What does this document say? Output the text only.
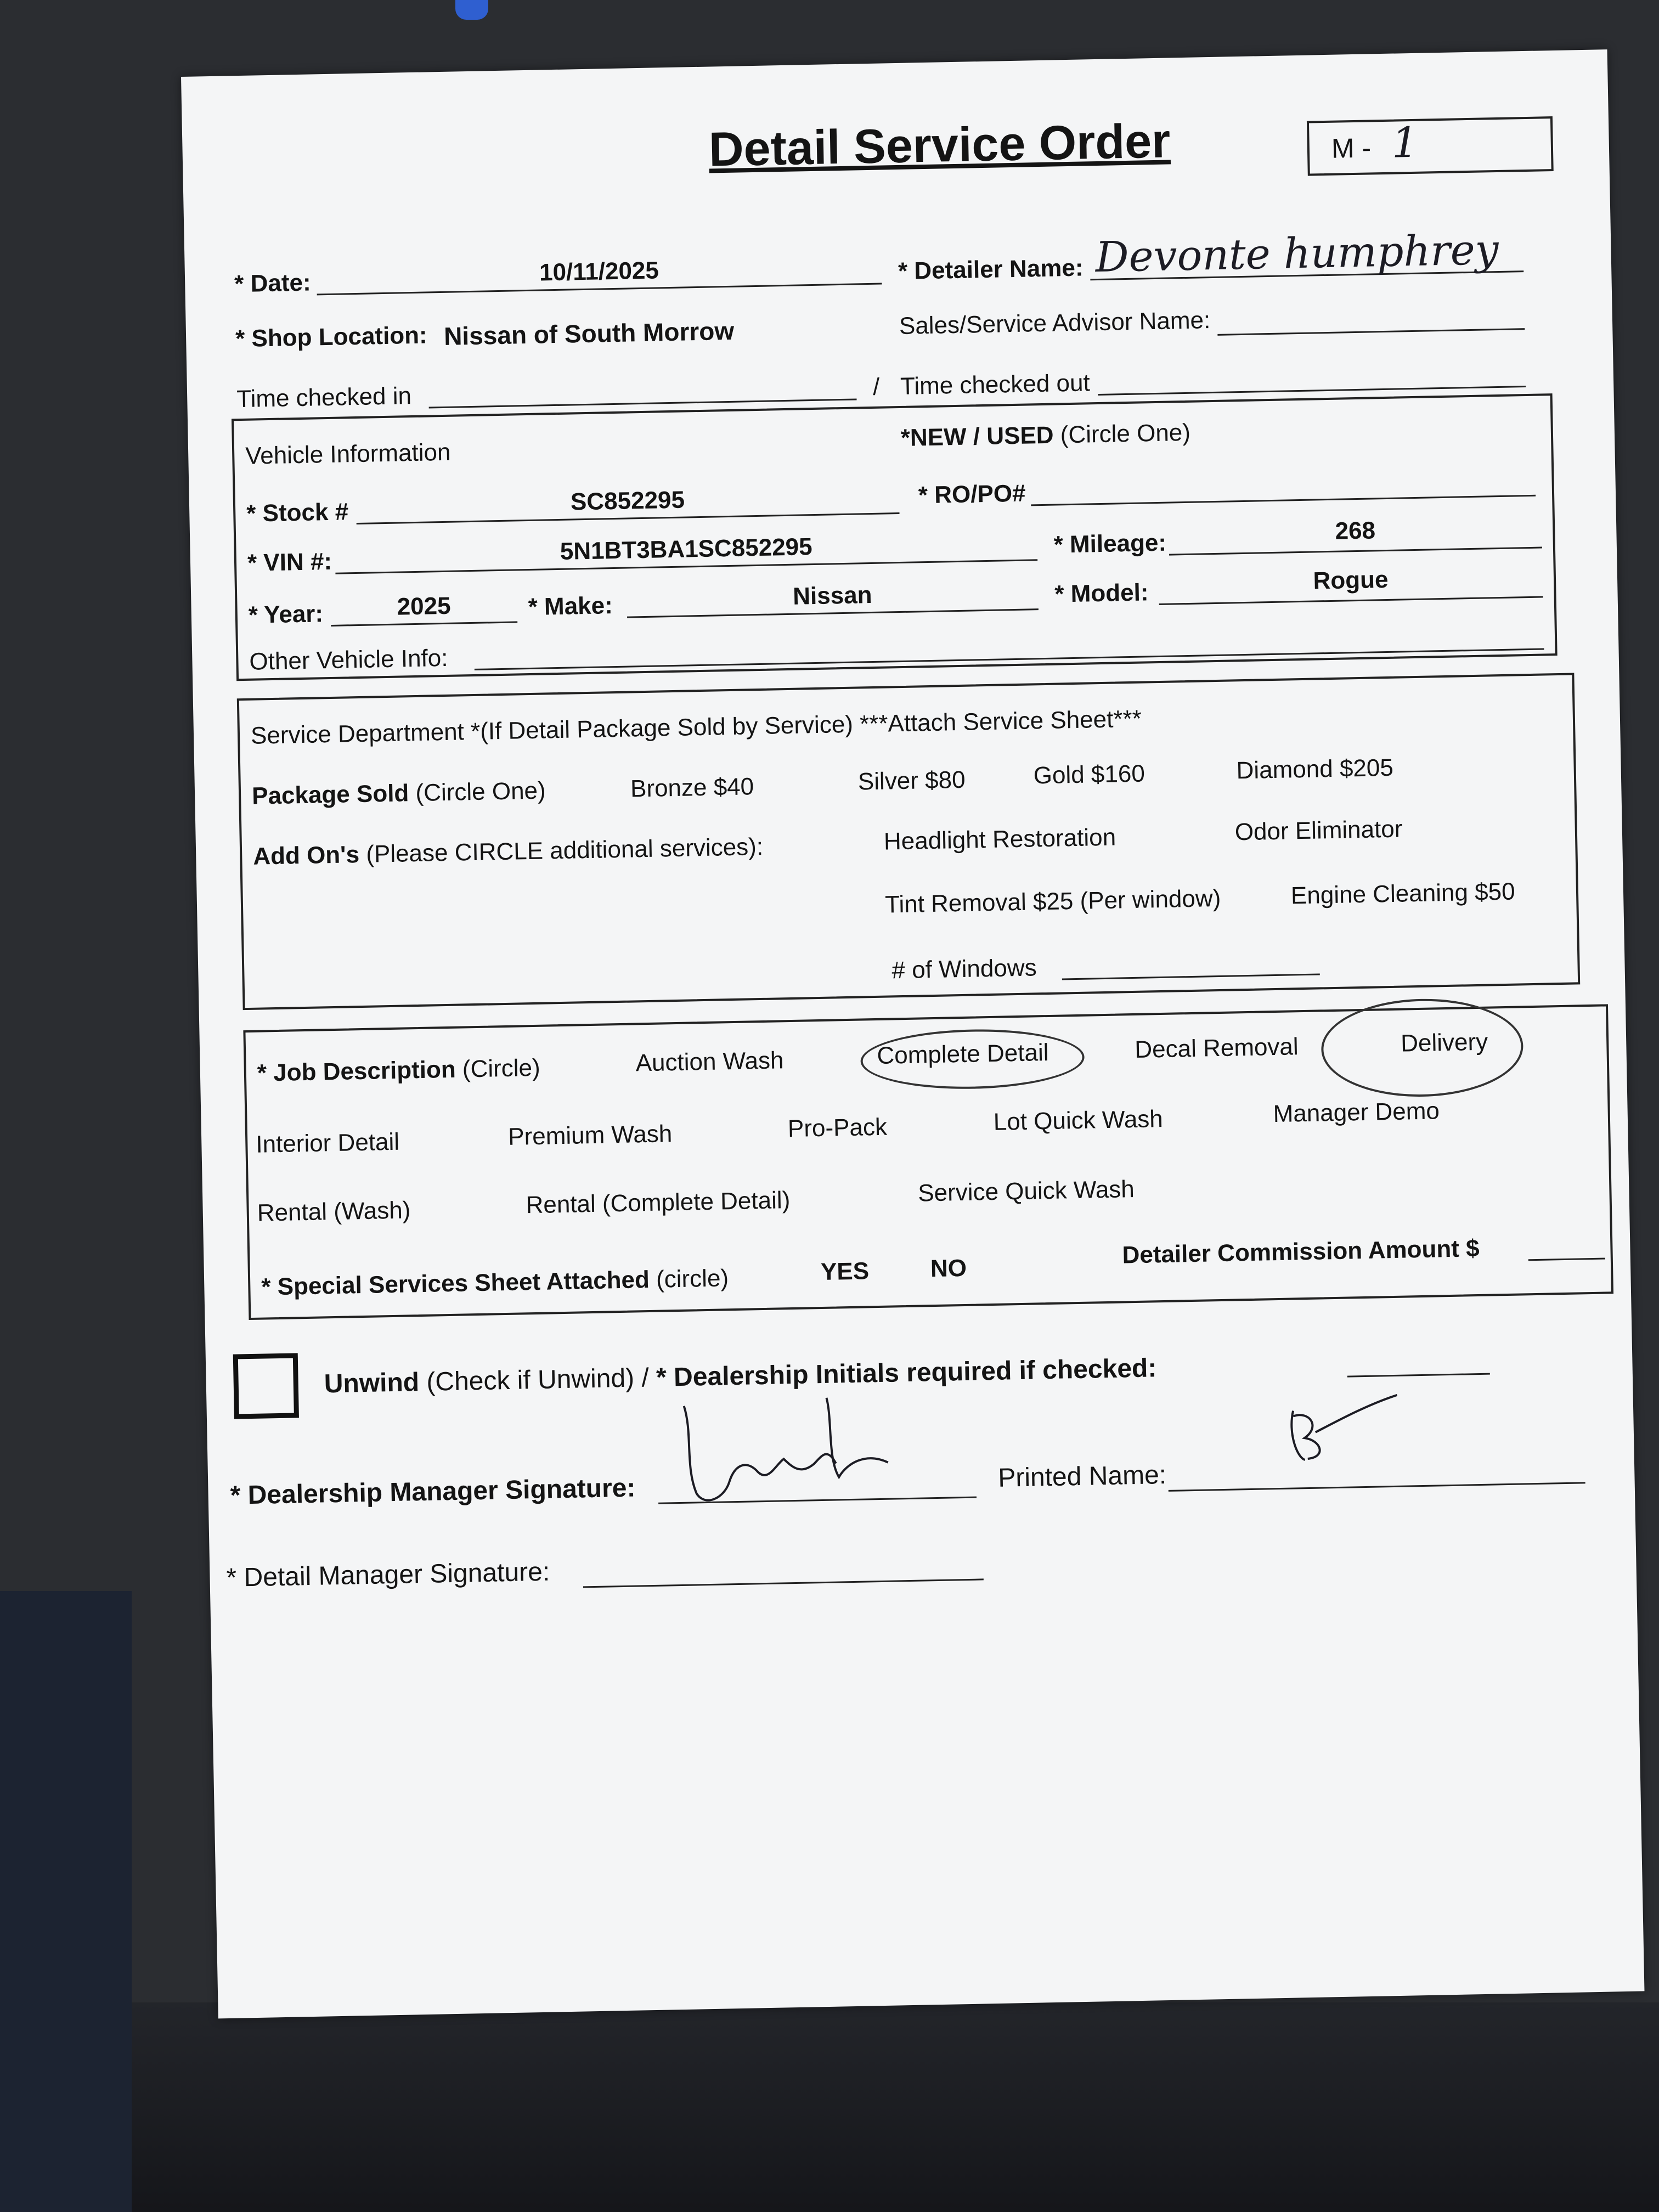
Detail Service Order	M - 1
* Date:	10/11/2025	* Detailer Name: Devonte humphrey
* Shop Location: Nissan of South Morrow	Sales/Service Advisor Name:
Time checked in	/ Time checked out
Vehicle Information
*NEW / USED (Circle One)
* Stock #	SC852295	* RO/PO#
* VIN #:	5N1BT3BA1SC852295	* Mileage:	268
* Year:	2025	* Make:	Nissan	* Model:	Rogue
Other Vehicle Info:
Service Department *(If Detail Package Sold by Service) ***Attach Service Sheet***
Package Sold (Circle One)	Bronze $40	Silver $80	Gold $160	Diamond $205
Add On's (Please CIRCLE additional services):	Headlight Restoration	Odor Eliminator
Tint Removal $25 (Per window)	Engine Cleaning $50
# of Windows
* Job Description (Circle)	Auction Wash	Complete Detail	Decal Removal	Delivery
Interior Detail	Premium Wash	Pro-Pack	Lot Quick Wash	Manager Demo
Rental (Wash)	Rental (Complete Detail)	Service Quick Wash
* Special Services Sheet Attached (circle)	YES	NO	Detailer Commission Amount $
Unwind (Check if Unwind) / * Dealership Initials required if checked:
* Dealership Manager Signature:	Printed Name:
* Detail Manager Signature:
